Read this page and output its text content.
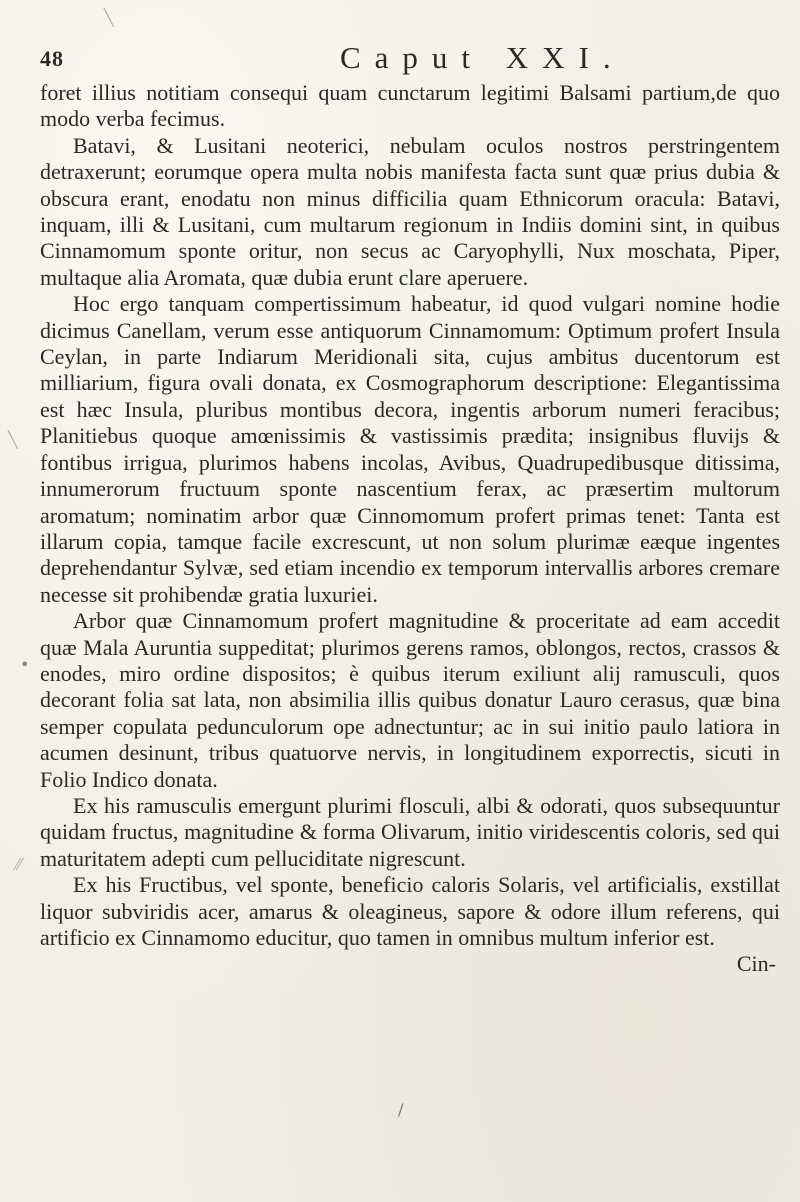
╲
╲
•
⁄⁄
/
48	Caput XXI.

foret illius notitiam consequi quam cunctarum legitimi Balsami partium,de quo modo verba fecimus.

Batavi, & Lusitani neoterici, nebulam oculos nostros perstringentem detraxerunt; eorumque opera multa nobis manifesta facta sunt quæ prius dubia & obscura erant, enodatu non minus difficilia quam Ethnicorum oracula: Batavi, inquam, illi & Lusitani, cum multarum regionum in Indiis domini sint, in quibus Cinnamomum sponte oritur, non secus ac Caryophylli, Nux moschata, Piper, multaque alia Aromata, quæ dubia erunt clare aperuere.

Hoc ergo tanquam compertissimum habeatur, id quod vulgari nomine hodie dicimus Canellam, verum esse antiquorum Cinnamomum: Optimum profert Insula Ceylan, in parte Indiarum Meridionali sita, cujus ambitus ducentorum est milliarium, figura ovali donata, ex Cosmographorum descriptione: Elegantissima est hæc Insula, pluribus montibus decora, ingentis arborum numeri feracibus; Planitiebus quoque amœnissimis & vastissimis prædita; insignibus fluvijs & fontibus irrigua, plurimos habens incolas, Avibus, Quadrupedibusque ditissima, innumerorum fructuum sponte nascentium ferax, ac præsertim multorum aromatum; nominatim arbor quæ Cinnomomum profert primas tenet: Tanta est illarum copia, tamque facile excrescunt, ut non solum plurimæ eæque ingentes deprehendantur Sylvæ, sed etiam incendio ex temporum intervallis arbores cremare necesse sit prohibendæ gratia luxuriei.

Arbor quæ Cinnamomum profert magnitudine & proceritate ad eam accedit quæ Mala Auruntia suppeditat; plurimos gerens ramos, oblongos, rectos, crassos & enodes, miro ordine dispositos; è quibus iterum exiliunt alij ramusculi, quos decorant folia sat lata, non absimilia illis quibus donatur Lauro cerasus, quæ bina semper copulata pedunculorum ope adnectuntur; ac in sui initio paulo latiora in acumen desinunt, tribus quatuorve nervis, in longitudinem exporrectis, sicuti in Folio Indico donata.

Ex his ramusculis emergunt plurimi flosculi, albi & odorati, quos subsequuntur quidam fructus, magnitudine & forma Olivarum, initio viridescentis coloris, sed qui maturitatem adepti cum pelluciditate nigrescunt.

Ex his Fructibus, vel sponte, beneficio caloris Solaris, vel artificialis, exstillat liquor subviridis acer, amarus & oleagineus, sapore & odore illum referens, qui artificio ex Cinnamomo educitur, quo tamen in omnibus multum inferior est.

Cin-
